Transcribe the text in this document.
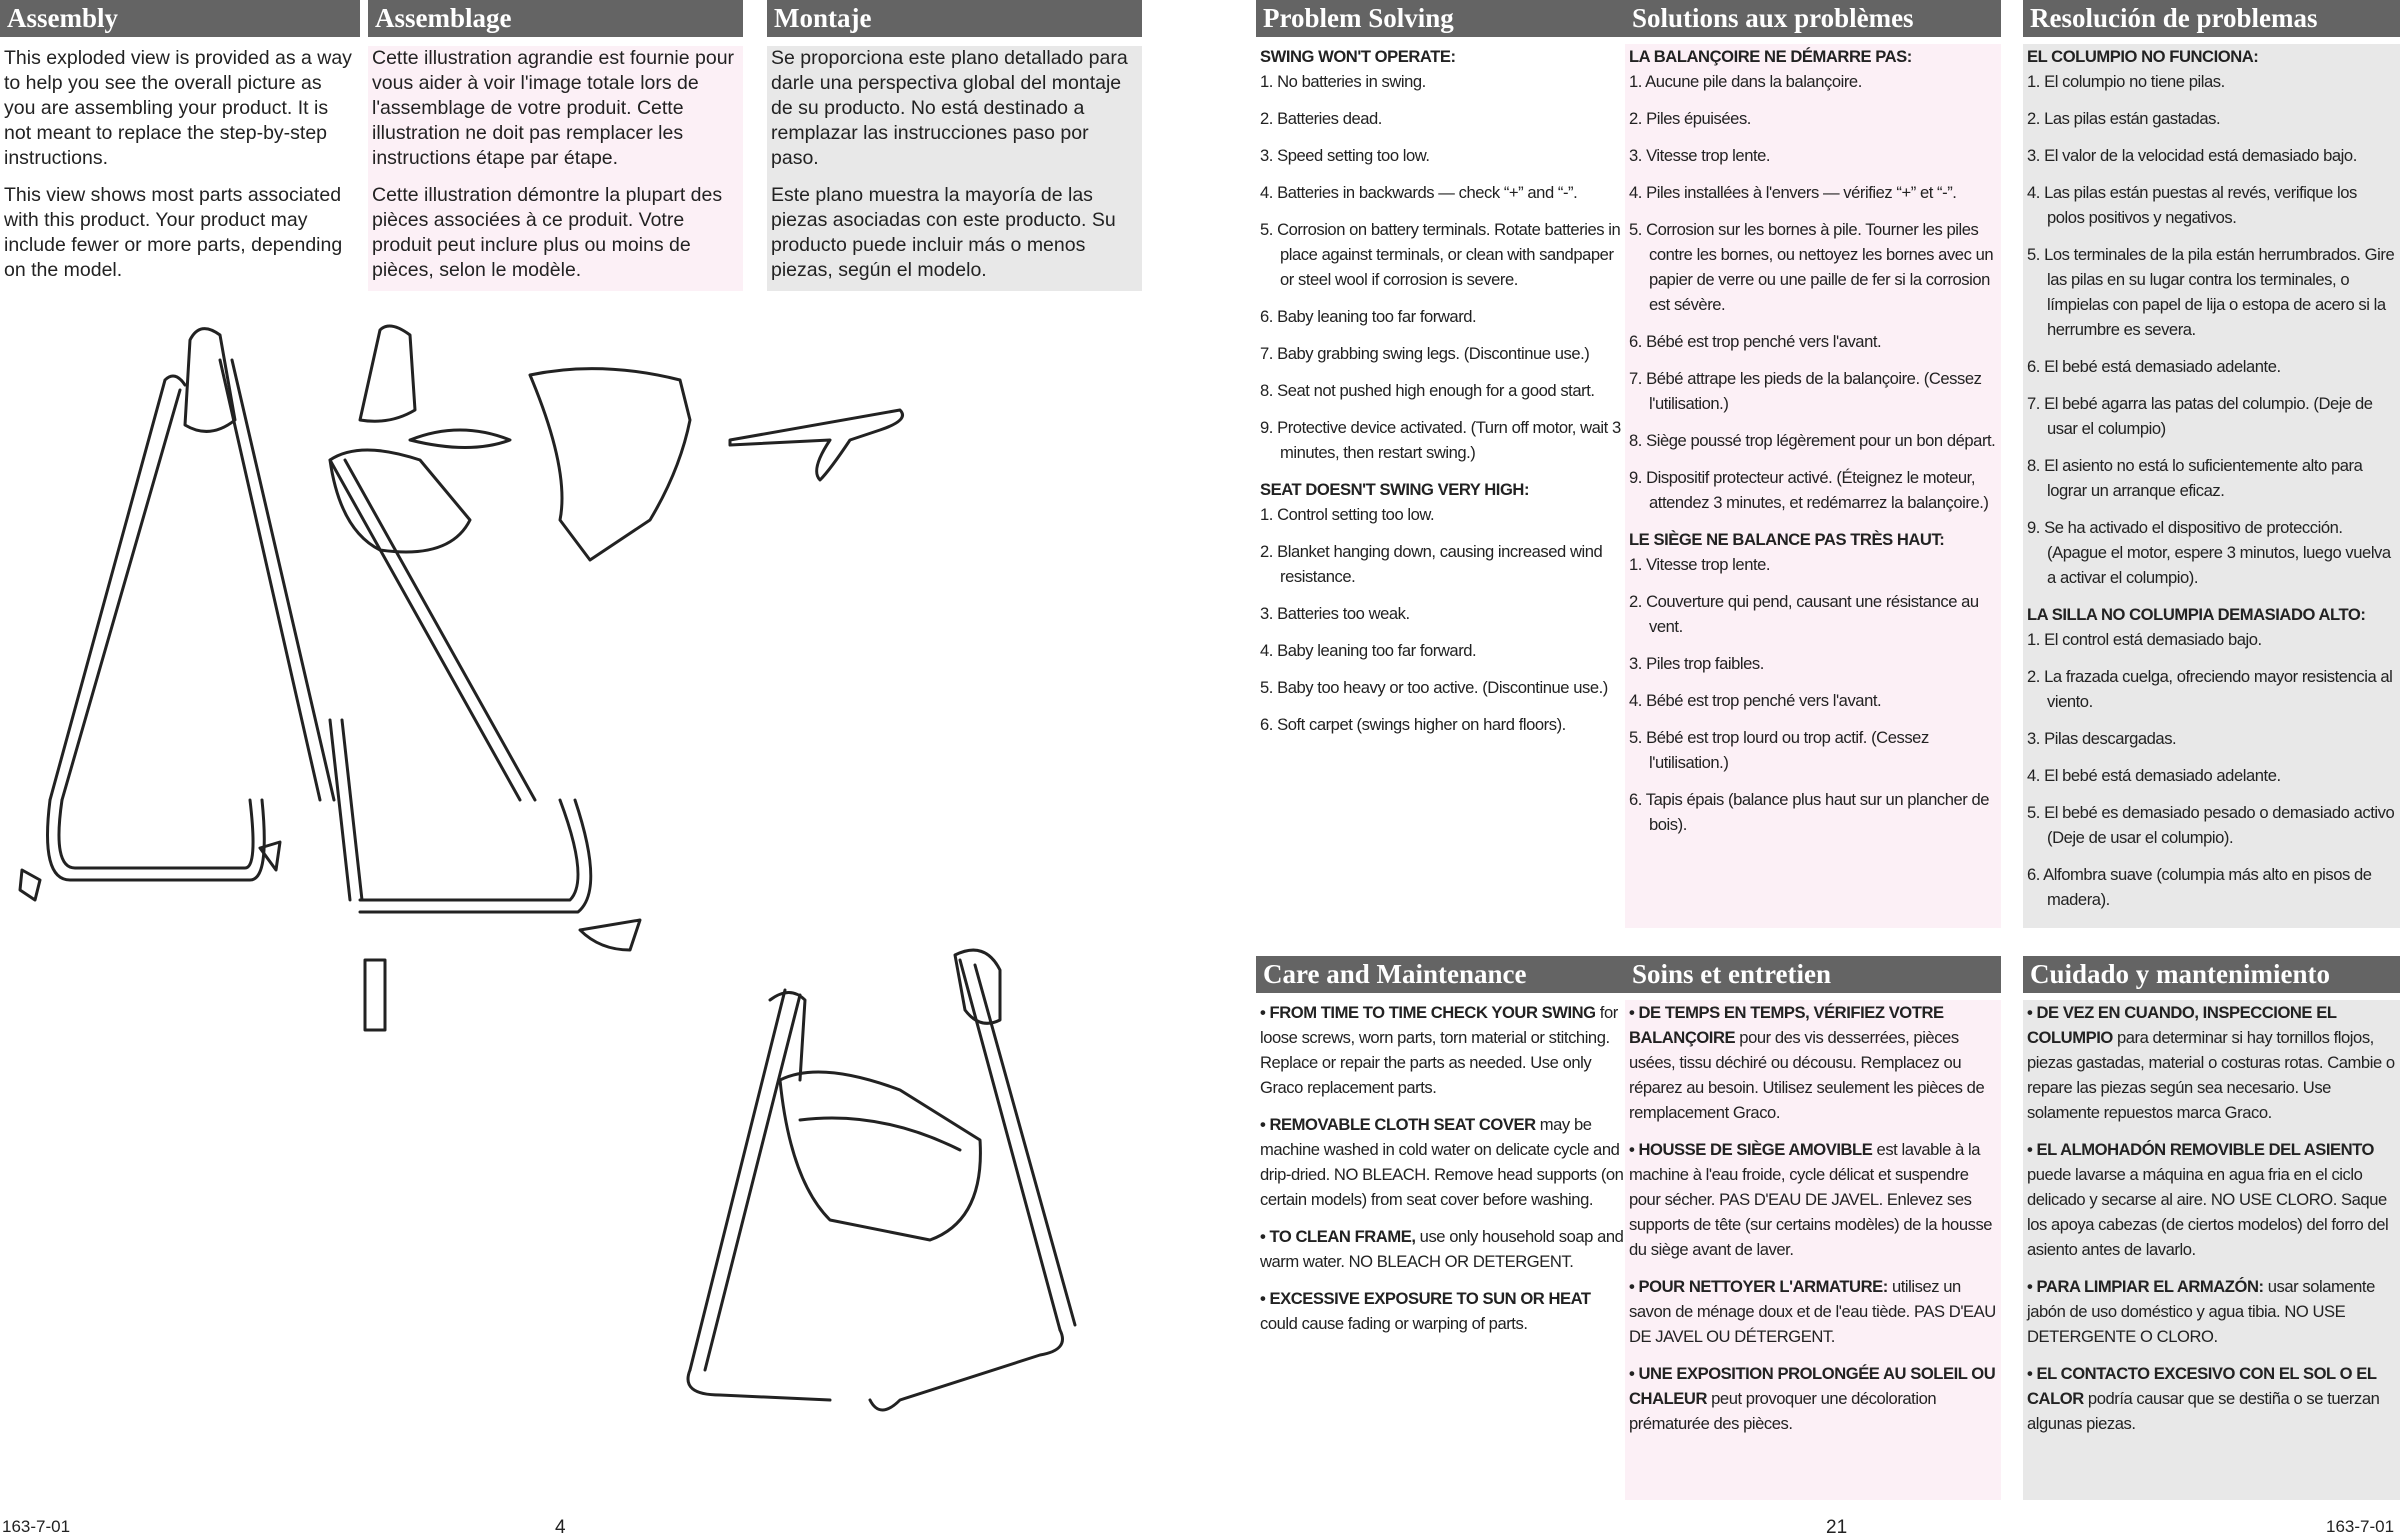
Assembly

This exploded view is provided as a way to help you see the overall picture as you are assembling your product. It is not meant to replace the step-by-step instructions.

This view shows most parts associated with this product. Your product may include fewer or more parts, depending on the model.

Assemblage

Cette illustration agrandie est fournie pour vous aider à voir l'image totale lors de l'assemblage de votre produit. Cette illustration ne doit pas remplacer les instructions étape par étape.

Cette illustration démontre la plupart des pièces associées à ce produit. Votre produit peut inclure plus ou moins de pièces, selon le modèle.

Montaje

Se proporciona este plano detallado para darle una perspectiva global del montaje de su producto. No está destinado a remplazar las instrucciones paso por paso.

Este plano muestra la mayoría de las piezas asociadas con este producto. Su producto puede incluir más o menos piezas, según el modelo.

Problem Solving
SWING WON'T OPERATE:
1. No batteries in swing.
2. Batteries dead.
3. Speed setting too low.
4. Batteries in backwards — check “+” and “-”.
5. Corrosion on battery terminals. Rotate batteries in place against terminals, or clean with sandpaper or steel wool if corrosion is severe.
6. Baby leaning too far forward.
7. Baby grabbing swing legs. (Discontinue use.)
8. Seat not pushed high enough for a good start.
9. Protective device activated. (Turn off motor, wait 3 minutes, then restart swing.)
SEAT DOESN'T SWING VERY HIGH:
1. Control setting too low.
2. Blanket hanging down, causing increased wind resistance.
3. Batteries too weak.
4. Baby leaning too far forward.
5. Baby too heavy or too active. (Discontinue use.)
6. Soft carpet (swings higher on hard floors).
Solutions aux problèmes
LA BALANÇOIRE NE DÉMARRE PAS:
1. Aucune pile dans la balançoire.
2. Piles épuisées.
3. Vitesse trop lente.
4. Piles installées à l'envers — vérifiez “+” et “-”.
5. Corrosion sur les bornes à pile. Tourner les piles contre les bornes, ou nettoyez les bornes avec un papier de verre ou une paille de fer si la corrosion est sévère.
6. Bébé est trop penché vers l'avant.
7. Bébé attrape les pieds de la balançoire. (Cessez l'utilisation.)
8. Siège poussé trop légèrement pour un bon départ.
9. Dispositif protecteur activé. (Éteignez le moteur, attendez 3 minutes, et redémarrez la balançoire.)
LE SIÈGE NE BALANCE PAS TRÈS HAUT:
1. Vitesse trop lente.
2. Couverture qui pend, causant une résistance au vent.
3. Piles trop faibles.
4. Bébé est trop penché vers l'avant.
5. Bébé est trop lourd ou trop actif. (Cessez l'utilisation.)
6. Tapis épais (balance plus haut sur un plancher de bois).
Resolución de problemas
EL COLUMPIO NO FUNCIONA:
1. El columpio no tiene pilas.
2. Las pilas están gastadas.
3. El valor de la velocidad está demasiado bajo.
4. Las pilas están puestas al revés, verifique los polos positivos y negativos.
5. Los terminales de la pila están herrumbrados. Gire las pilas en su lugar contra los terminales, o límpielas con papel de lija o estopa de acero si la herrumbre es severa.
6. El bebé está demasiado adelante.
7. El bebé agarra las patas del columpio. (Deje de usar el columpio)
8. El asiento no está lo suficientemente alto para lograr un arranque eficaz.
9. Se ha activado el dispositivo de protección. (Apague el motor, espere 3 minutos, luego vuelva a activar el columpio).
LA SILLA NO COLUMPIA DEMASIADO ALTO:
1. El control está demasiado bajo.
2. La frazada cuelga, ofreciendo mayor resistencia al viento.
3. Pilas descargadas.
4. El bebé está demasiado adelante.
5. El bebé es demasiado pesado o demasiado activo (Deje de usar el columpio).
6. Alfombra suave (columpia más alto en pisos de madera).
Care and Maintenance
• FROM TIME TO TIME CHECK YOUR SWING for loose screws, worn parts, torn material or stitching. Replace or repair the parts as needed. Use only Graco replacement parts.
• REMOVABLE CLOTH SEAT COVER may be machine washed in cold water on delicate cycle and drip-dried. NO BLEACH. Remove head supports (on certain models) from seat cover before washing.
• TO CLEAN FRAME, use only household soap and warm water. NO BLEACH OR DETERGENT.
• EXCESSIVE EXPOSURE TO SUN OR HEAT could cause fading or warping of parts.
Soins et entretien
• DE TEMPS EN TEMPS, VÉRIFIEZ VOTRE BALANÇOIRE pour des vis desserrées, pièces usées, tissu déchiré ou décousu. Remplacez ou réparez au besoin. Utilisez seulement les pièces de remplacement Graco.
• HOUSSE DE SIÈGE AMOVIBLE est lavable à la machine à l'eau froide, cycle délicat et suspendre pour sécher. PAS D'EAU DE JAVEL. Enlevez ses supports de tête (sur certains modèles) de la housse du siège avant de laver.
• POUR NETTOYER L'ARMATURE: utilisez un savon de ménage doux et de l'eau tiède. PAS D'EAU DE JAVEL OU DÉTERGENT.
• UNE EXPOSITION PROLONGÉE AU SOLEIL OU CHALEUR peut provoquer une décoloration prématurée des pièces.
Cuidado y mantenimiento
• DE VEZ EN CUANDO, INSPECCIONE EL COLUMPIO para determinar si hay tornillos flojos, piezas gastadas, material o costuras rotas. Cambie o repare las piezas según sea necesario. Use solamente repuestos marca Graco.
• EL ALMOHADÓN REMOVIBLE DEL ASIENTO puede lavarse a máquina en agua fria en el ciclo delicado y secarse al aire. NO USE CLORO. Saque los apoya cabezas (de ciertos modelos) del forro del asiento antes de lavarlo.
• PARA LIMPIAR EL ARMAZÓN: usar solamente jabón de uso doméstico y agua tibia. NO USE DETERGENTE O CLORO.
• EL CONTACTO EXCESIVO CON EL SOL O EL CALOR podría causar que se destiña o se tuerzan algunas piezas.
163-7-01	4	21	163-7-01
